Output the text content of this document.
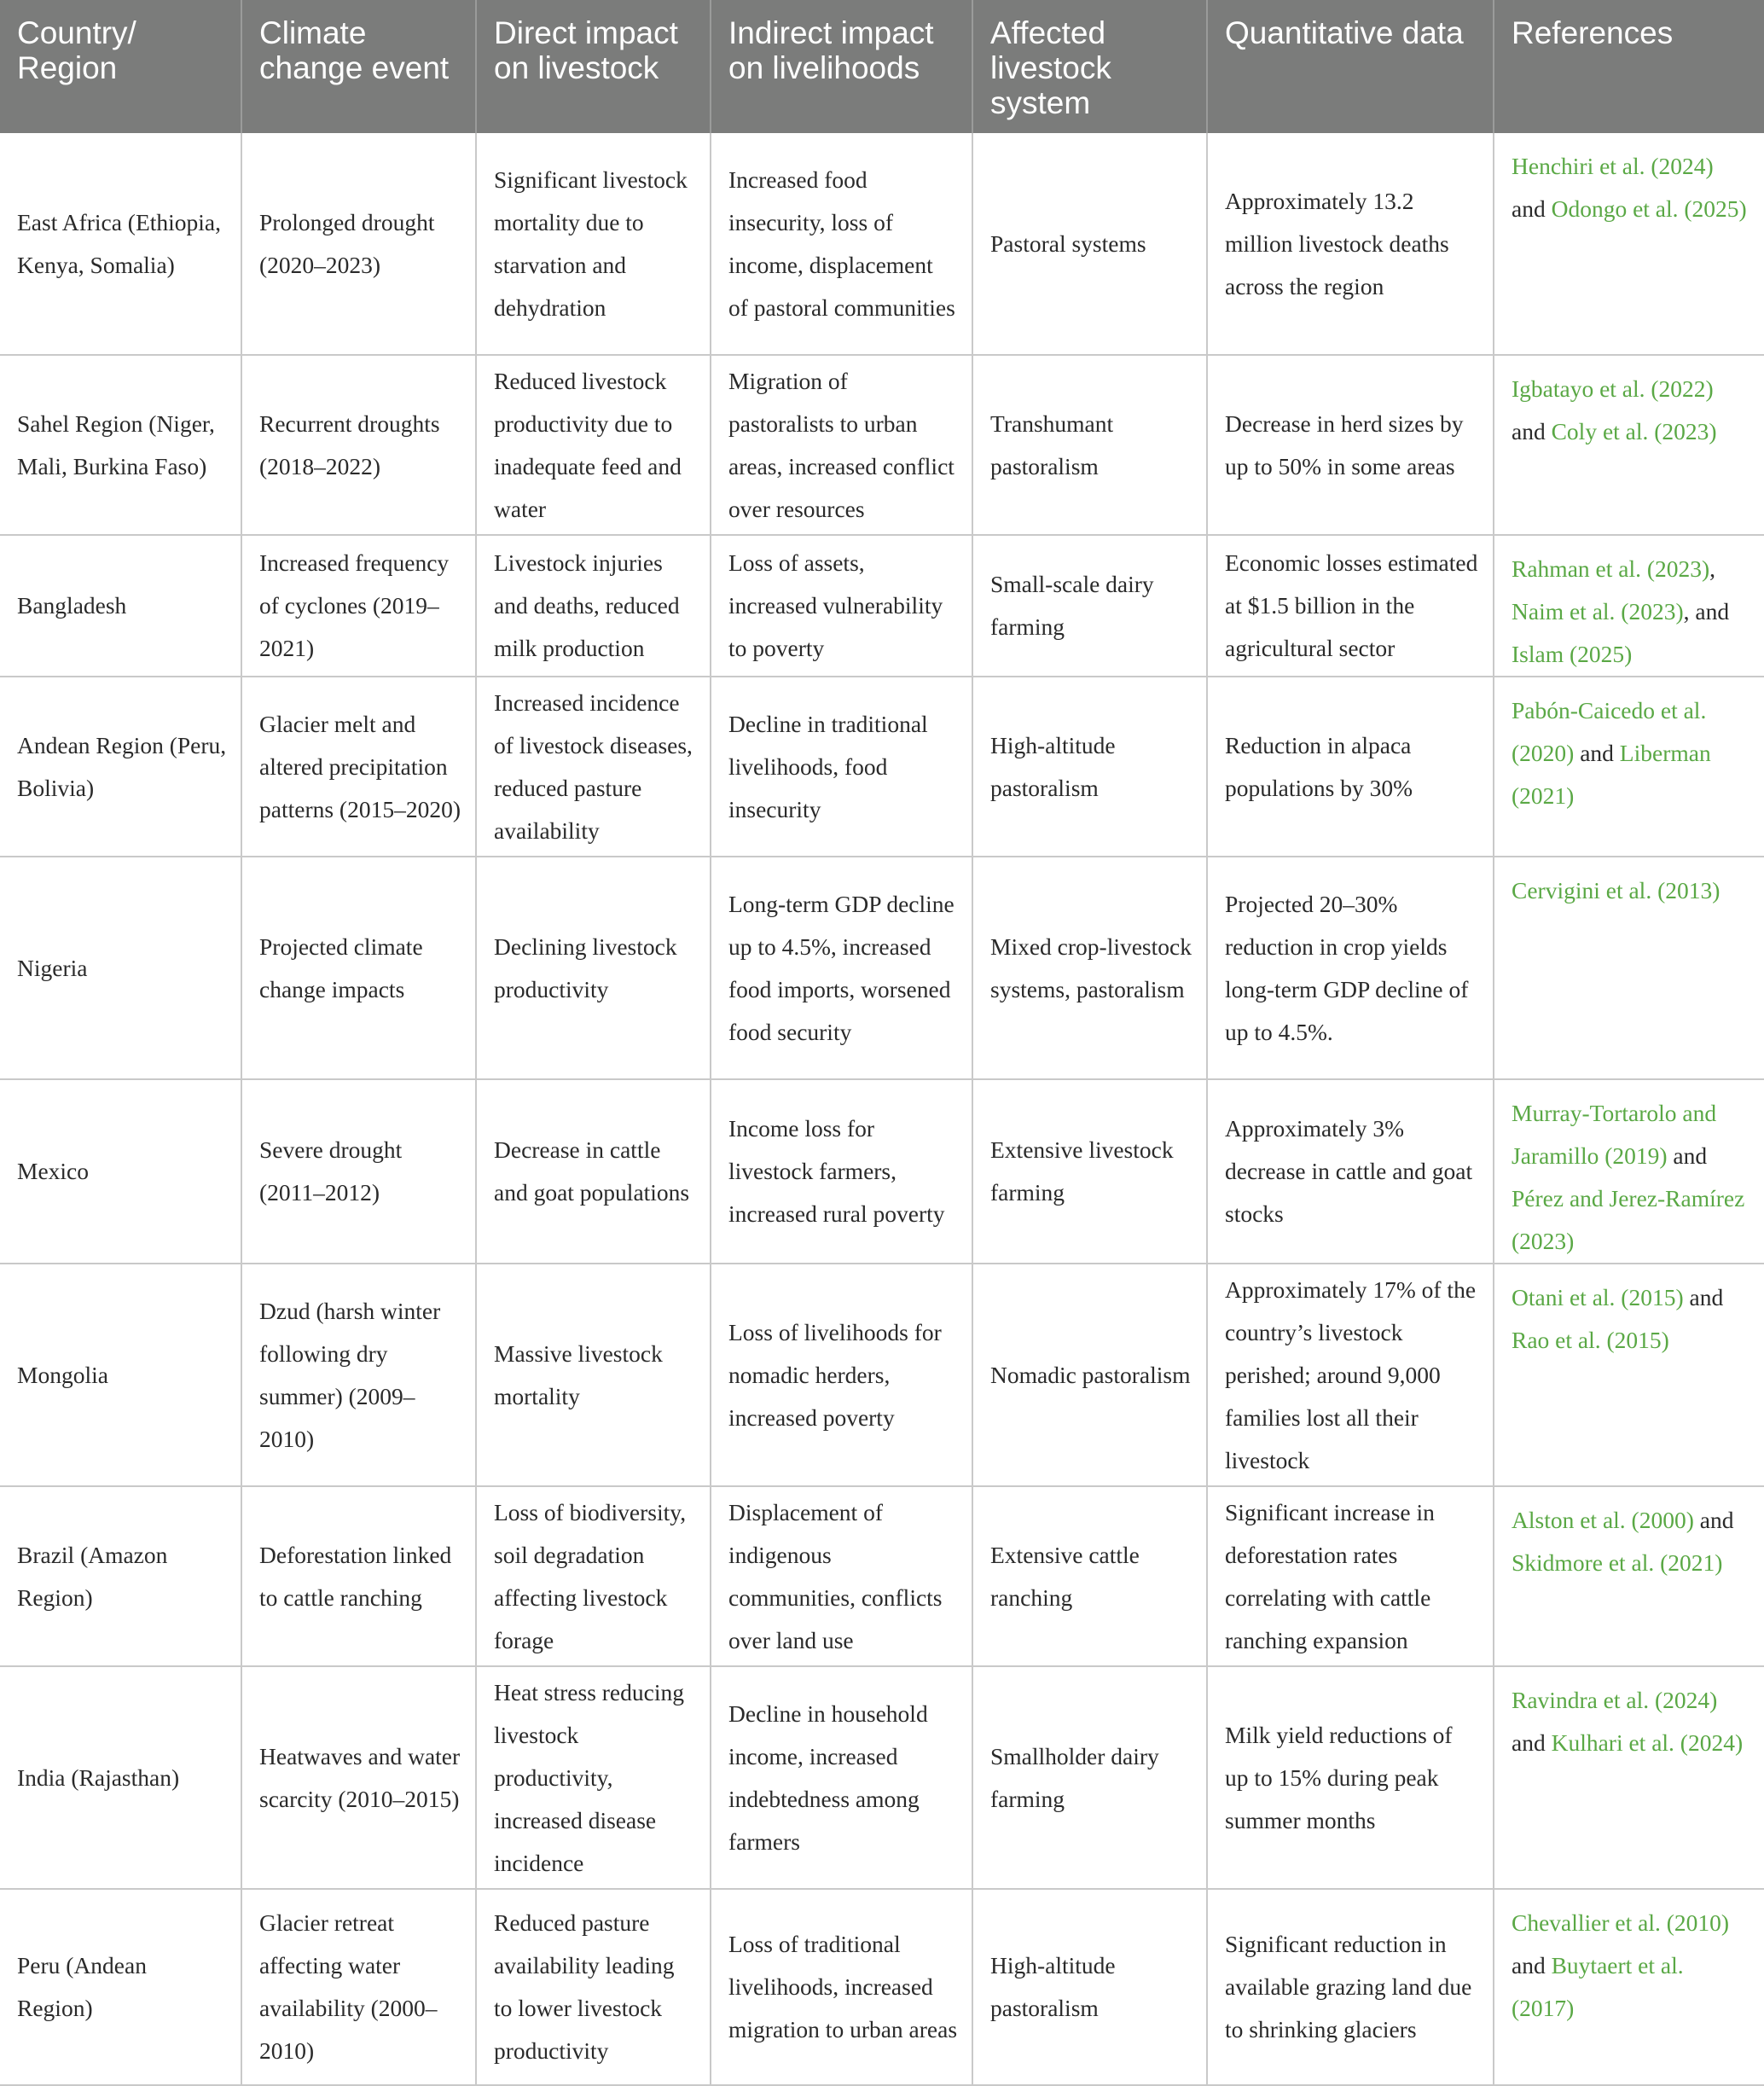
Country/ Region	Climate change event	Direct impact on livestock	Indirect impact on livelihoods	Affected livestock system	Quantitative data	References
East Africa (Ethiopia, Kenya, Somalia)	Prolonged drought (2020–2023)	Significant livestock mortality due to starvation and dehydration	Increased food insecurity, loss of income, displacement of pastoral communities	Pastoral systems	Approximately 13.2 million livestock deaths across the region	Henchiri et al. (2024) and Odongo et al. (2025)
Sahel Region (Niger, Mali, Burkina Faso)	Recurrent droughts (2018–2022)	Reduced livestock productivity due to inadequate feed and water	Migration of pastoralists to urban areas, increased conflict over resources	Transhumant pastoralism	Decrease in herd sizes by up to 50% in some areas	Igbatayo et al. (2022) and Coly et al. (2023)
Bangladesh	Increased frequency of cyclones (2019–2021)	Livestock injuries and deaths, reduced milk production	Loss of assets, increased vulnerability to poverty	Small-scale dairy farming	Economic losses estimated at $1.5 billion in the agricultural sector	Rahman et al. (2023), Naim et al. (2023), and Islam (2025)
Andean Region (Peru, Bolivia)	Glacier melt and altered precipitation patterns (2015–2020)	Increased incidence of livestock diseases, reduced pasture availability	Decline in traditional livelihoods, food insecurity	High-altitude pastoralism	Reduction in alpaca populations by 30%	Pabón-Caicedo et al. (2020) and Liberman (2021)
Nigeria	Projected climate change impacts	Declining livestock productivity	Long-term GDP decline up to 4.5%, increased food imports, worsened food security	Mixed crop-livestock systems, pastoralism	Projected 20–30% reduction in crop yields long-term GDP decline of up to 4.5%.	Cervigini et al. (2013)
Mexico	Severe drought (2011–2012)	Decrease in cattle and goat populations	Income loss for livestock farmers, increased rural poverty	Extensive livestock farming	Approximately 3% decrease in cattle and goat stocks	Murray-Tortarolo and Jaramillo (2019) and Pérez and Jerez-Ramírez (2023)
Mongolia	Dzud (harsh winter following dry summer) (2009–2010)	Massive livestock mortality	Loss of livelihoods for nomadic herders, increased poverty	Nomadic pastoralism	Approximately 17% of the country’s livestock perished; around 9,000 families lost all their livestock	Otani et al. (2015) and Rao et al. (2015)
Brazil (Amazon Region)	Deforestation linked to cattle ranching	Loss of biodiversity, soil degradation affecting livestock forage	Displacement of indigenous communities, conflicts over land use	Extensive cattle ranching	Significant increase in deforestation rates correlating with cattle ranching expansion	Alston et al. (2000) and Skidmore et al. (2021)
India (Rajasthan)	Heatwaves and water scarcity (2010–2015)	Heat stress reducing livestock productivity, increased disease incidence	Decline in household income, increased indebtedness among farmers	Smallholder dairy farming	Milk yield reductions of up to 15% during peak summer months	Ravindra et al. (2024) and Kulhari et al. (2024)
Peru (Andean Region)	Glacier retreat affecting water availability (2000–2010)	Reduced pasture availability leading to lower livestock productivity	Loss of traditional livelihoods, increased migration to urban areas	High-altitude pastoralism	Significant reduction in available grazing land due to shrinking glaciers	Chevallier et al. (2010) and Buytaert et al. (2017)
